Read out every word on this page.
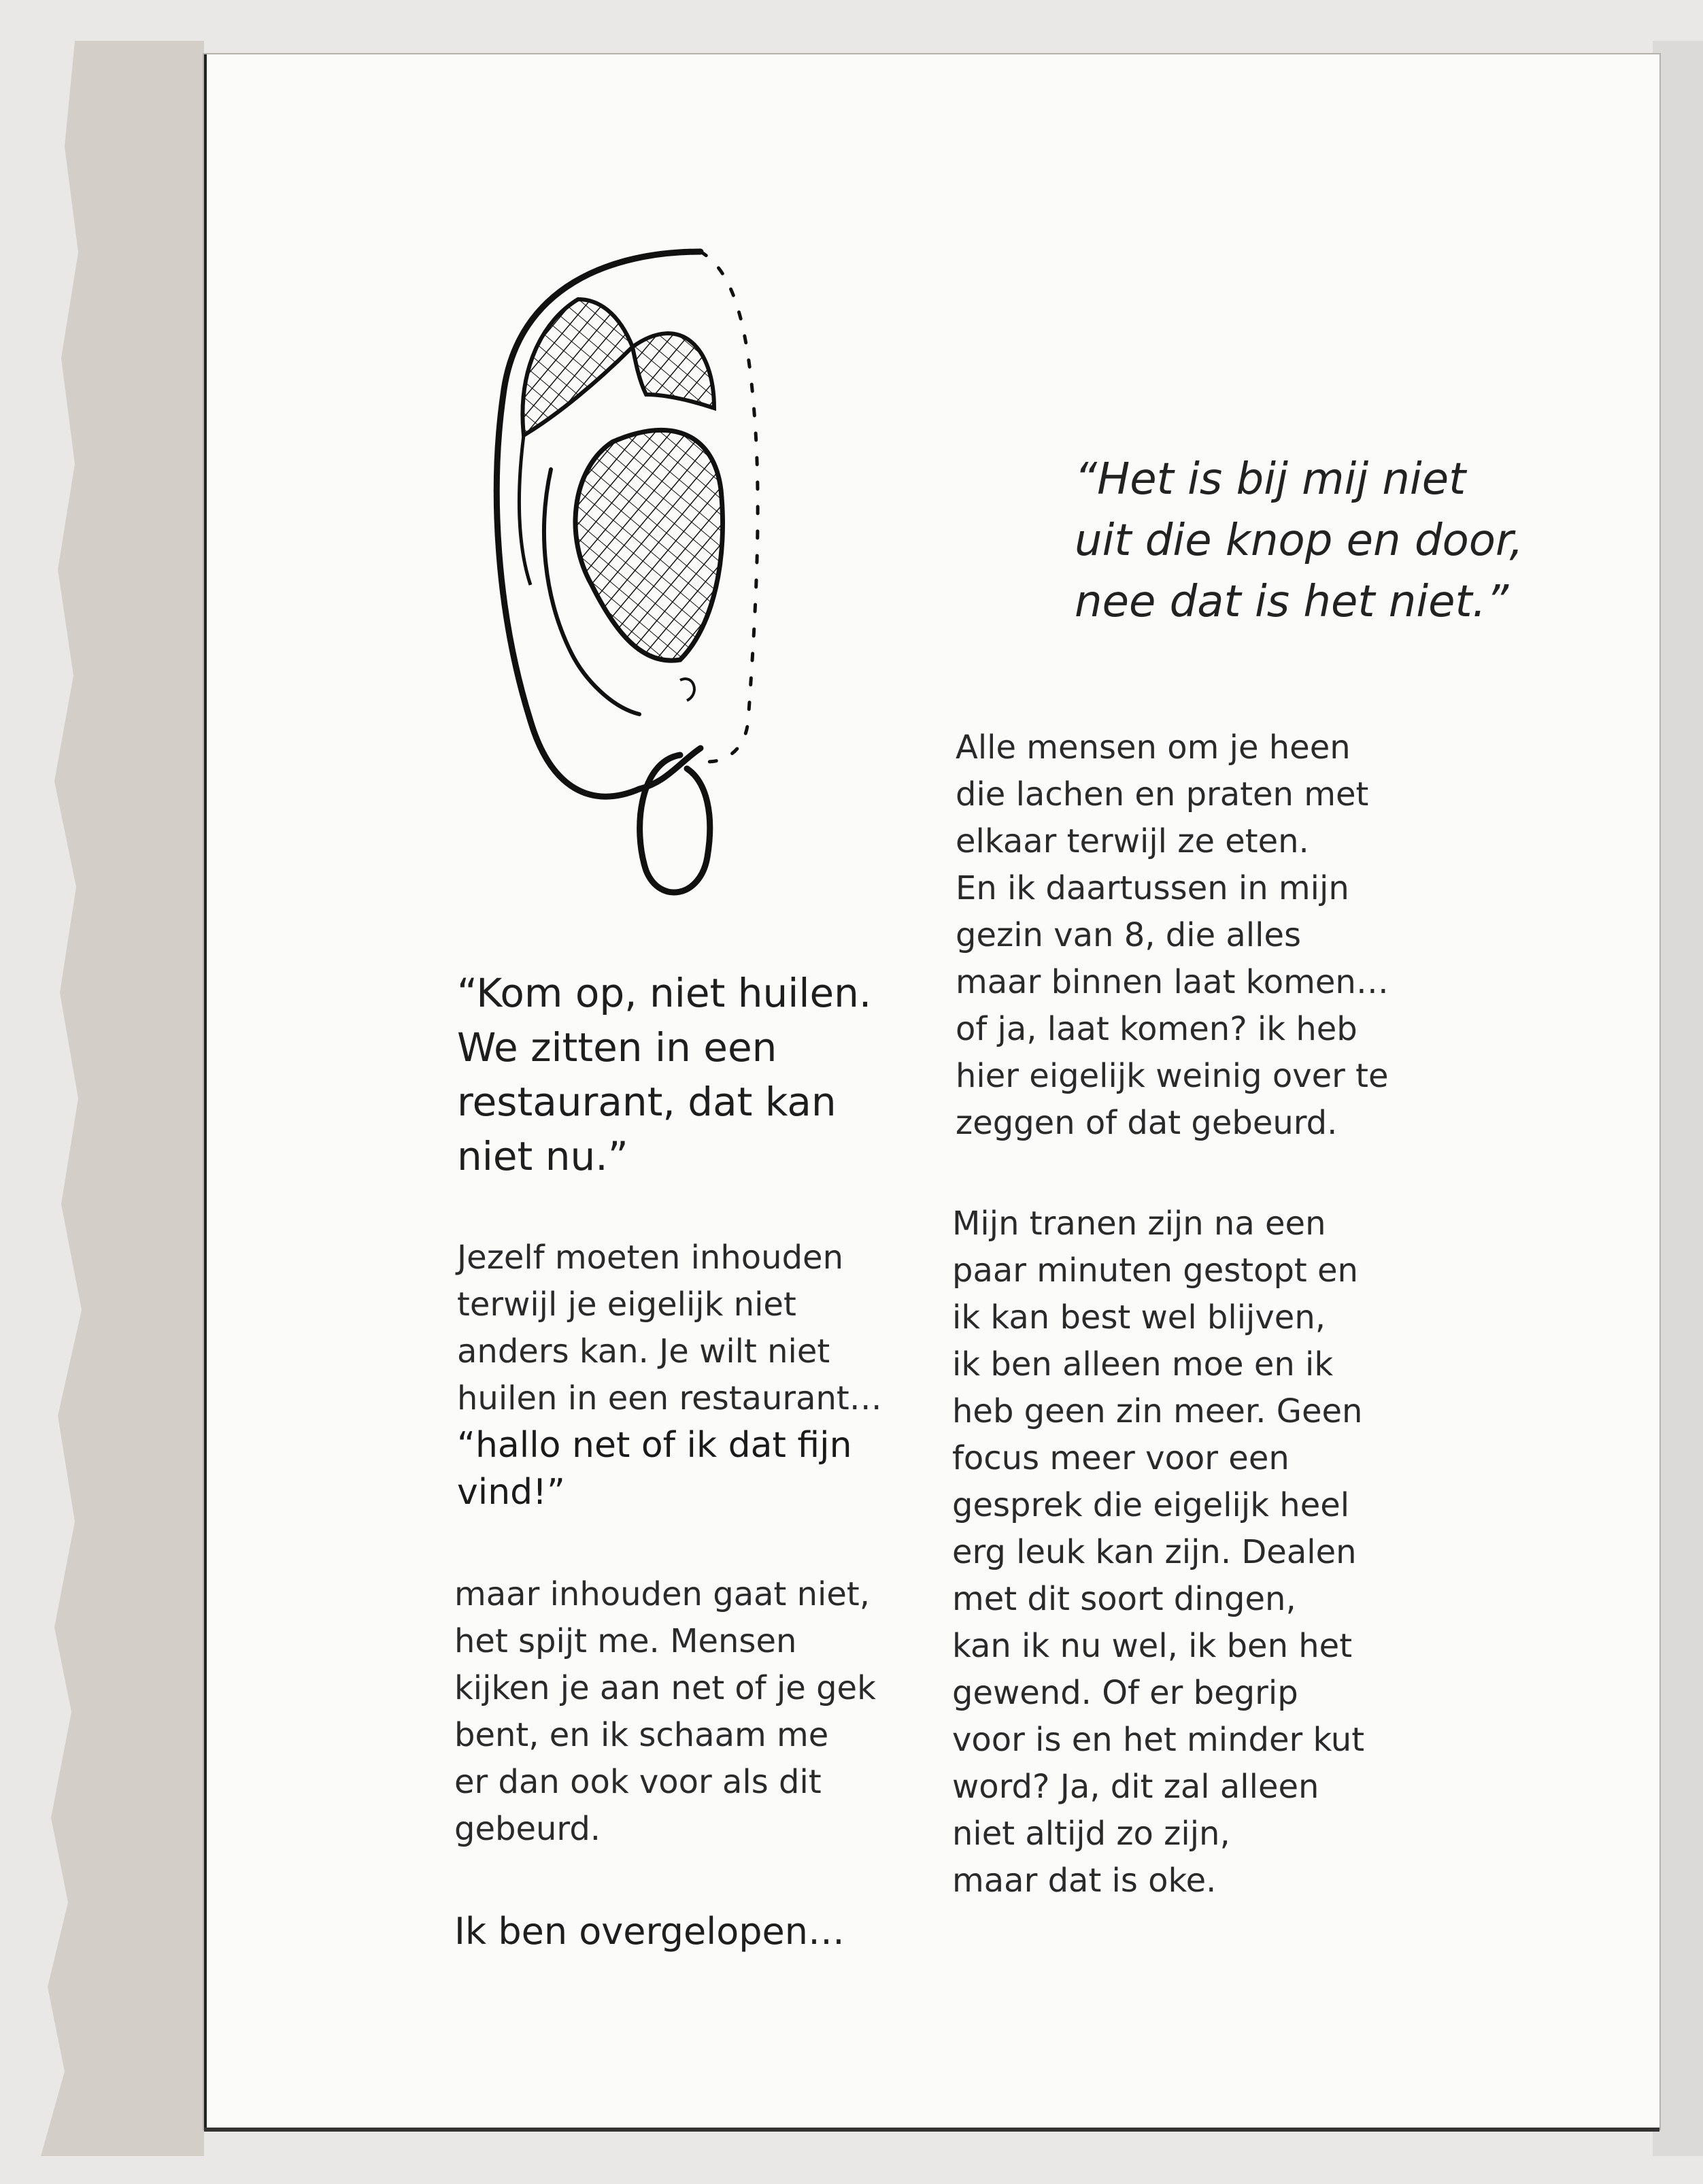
“Het is bij mij niet
uit die knop en door,
nee dat is het niet.”
“Kom op, niet huilen.
We zitten in een
restaurant, dat kan
niet nu.”
Jezelf moeten inhouden
terwijl je eigelijk niet
anders kan. Je wilt niet
huilen in een restaurant…
“hallo net of ik dat fijn
vind!”
maar inhouden gaat niet,
het spijt me. Mensen
kijken je aan net of je gek
bent, en ik schaam me
er dan ook voor als dit
gebeurd.

Ik ben overgelopen…

Alle mensen om je heen
die lachen en praten met
elkaar terwijl ze eten.
En ik daartussen in mijn
gezin van 8, die alles
maar binnen laat komen…
of ja, laat komen? ik heb
hier eigelijk weinig over te
zeggen of dat gebeurd.
Mijn tranen zijn na een
paar minuten gestopt en
ik kan best wel blijven,
ik ben alleen moe en ik
heb geen zin meer. Geen
focus meer voor een
gesprek die eigelijk heel
erg leuk kan zijn. Dealen
met dit soort dingen,
kan ik nu wel, ik ben het
gewend. Of er begrip
voor is en het minder kut
word? Ja, dit zal alleen
niet altijd zo zijn,
maar dat is oke.
